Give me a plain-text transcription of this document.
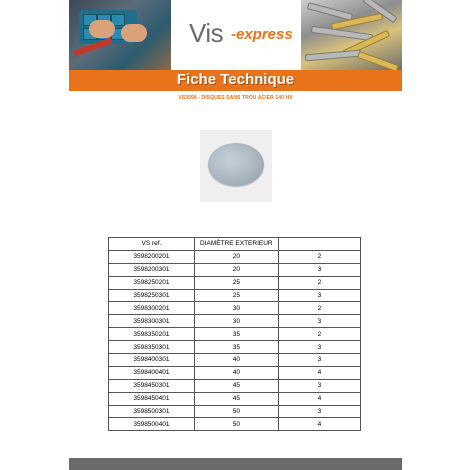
Vis -express
Fiche Technique
VS3598 - DISQUES SANS TROU ACIER 140 HV
VS ref.	DIAMÈTRE EXTERIEUR	
3598200201	20	2
3598200301	20	3
3598250201	25	2
3598250301	25	3
3598300201	30	2
3598300301	30	3
3598350201	35	2
3598350301	35	3
3598400301	40	3
3598400401	40	4
3598450301	45	3
3598450401	45	4
3598500301	50	3
3598500401	50	4
